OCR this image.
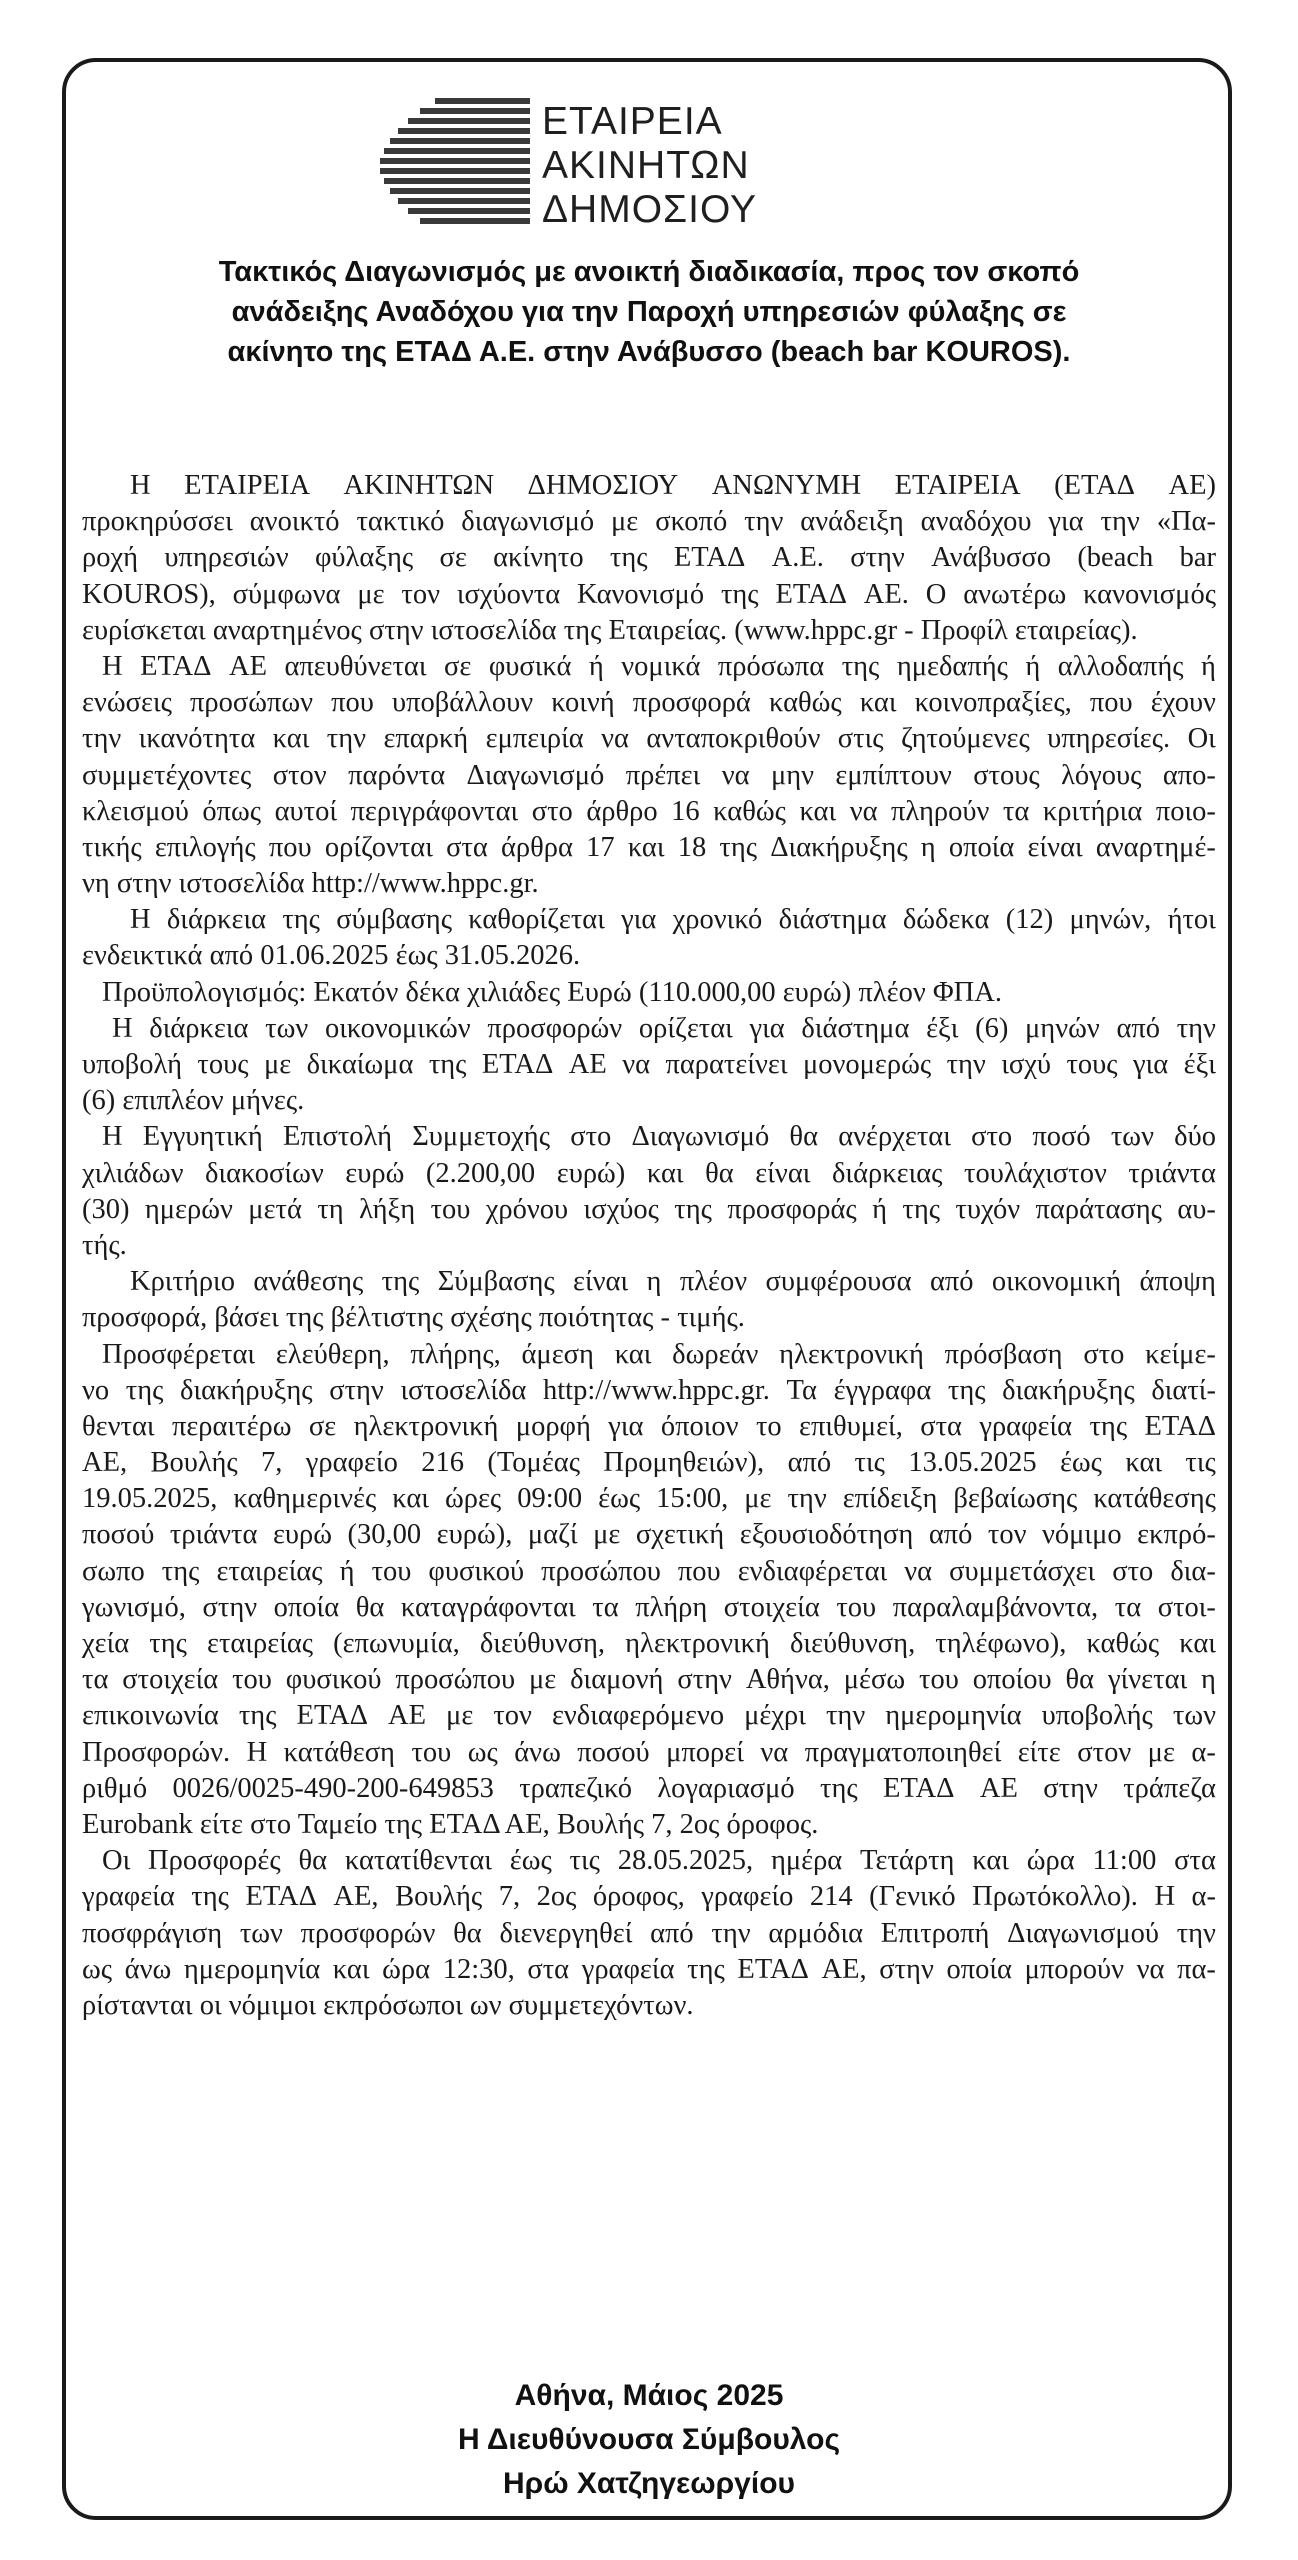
ΕΤΑΙΡΕΙΑ
ΑΚΙΝΗΤΩΝ
ΔΗΜΟΣΙΟΥ
Τακτικός Διαγωνισμός με ανοικτή διαδικασία, προς τον σκοπό
ανάδειξης Αναδόχου για την Παροχή υπηρεσιών φύλαξης σε
ακίνητο της ΕΤΑΔ Α.Ε. στην Ανάβυσσο (beach bar KOUROS).
Η ΕΤΑΙΡΕΙΑ ΑΚΙΝΗΤΩΝ ΔΗΜΟΣΙΟΥ ΑΝΩΝΥΜΗ ΕΤΑΙΡΕΙΑ (ΕΤΑΔ ΑΕ)
προκηρύσσει ανοικτό τακτικό διαγωνισμό με σκοπό την ανάδειξη αναδόχου για την «Πα-
ροχή υπηρεσιών φύλαξης σε ακίνητο της ΕΤΑΔ Α.Ε. στην Ανάβυσσο (beach bar
KOUROS), σύμφωνα με τον ισχύοντα Κανονισμό της ΕΤΑΔ ΑΕ. Ο ανωτέρω κανονισμός
ευρίσκεται αναρτημένος στην ιστοσελίδα της Εταιρείας. (www.hppc.gr - Προφίλ εταιρείας).
Η ΕΤΑΔ ΑΕ απευθύνεται σε φυσικά ή νομικά πρόσωπα της ημεδαπής ή αλλοδαπής ή
ενώσεις προσώπων που υποβάλλουν κοινή προσφορά καθώς και κοινοπραξίες, που έχουν
την ικανότητα και την επαρκή εμπειρία να ανταποκριθούν στις ζητούμενες υπηρεσίες. Οι
συμμετέχοντες στον παρόντα Διαγωνισμό πρέπει να μην εμπίπτουν στους λόγους απο-
κλεισμού όπως αυτοί περιγράφονται στο άρθρο 16 καθώς και να πληρούν τα κριτήρια ποιο-
τικής επιλογής που ορίζονται στα άρθρα 17 και 18 της Διακήρυξης η οποία είναι αναρτημέ-
νη στην ιστοσελίδα http://www.hppc.gr.
Η διάρκεια της σύμβασης καθορίζεται για χρονικό διάστημα δώδεκα (12) μηνών, ήτοι
ενδεικτικά από 01.06.2025 έως 31.05.2026.
Προϋπολογισμός: Εκατόν δέκα χιλιάδες Ευρώ (110.000,00 ευρώ) πλέον ΦΠΑ.
Η διάρκεια των οικονομικών προσφορών ορίζεται για διάστημα έξι (6) μηνών από την
υποβολή τους με δικαίωμα της ΕΤΑΔ ΑΕ να παρατείνει μονομερώς την ισχύ τους για έξι
(6) επιπλέον μήνες.
Η Εγγυητική Επιστολή Συμμετοχής στο Διαγωνισμό θα ανέρχεται στο ποσό των δύο
χιλιάδων διακοσίων ευρώ (2.200,00 ευρώ) και θα είναι διάρκειας τουλάχιστον τριάντα
(30) ημερών μετά τη λήξη του χρόνου ισχύος της προσφοράς ή της τυχόν παράτασης αυ-
τής.
Κριτήριο ανάθεσης της Σύμβασης είναι η πλέον συμφέρουσα από οικονομική άποψη
προσφορά, βάσει της βέλτιστης σχέσης ποιότητας - τιμής.
Προσφέρεται ελεύθερη, πλήρης, άμεση και δωρεάν ηλεκτρονική πρόσβαση στο κείμε-
νο της διακήρυξης στην ιστοσελίδα http://www.hppc.gr. Τα έγγραφα της διακήρυξης διατί-
θενται περαιτέρω σε ηλεκτρονική μορφή για όποιον το επιθυμεί, στα γραφεία της ΕΤΑΔ
ΑΕ, Βουλής 7, γραφείο 216 (Τομέας Προμηθειών), από τις 13.05.2025 έως και τις
19.05.2025, καθημερινές και ώρες 09:00 έως 15:00, με την επίδειξη βεβαίωσης κατάθεσης
ποσού τριάντα ευρώ (30,00 ευρώ), μαζί με σχετική εξουσιοδότηση από τον νόμιμο εκπρό-
σωπο της εταιρείας ή του φυσικού προσώπου που ενδιαφέρεται να συμμετάσχει στο δια-
γωνισμό, στην οποία θα καταγράφονται τα πλήρη στοιχεία του παραλαμβάνοντα, τα στοι-
χεία της εταιρείας (επωνυμία, διεύθυνση, ηλεκτρονική διεύθυνση, τηλέφωνο), καθώς και
τα στοιχεία του φυσικού προσώπου με διαμονή στην Αθήνα, μέσω του οποίου θα γίνεται η
επικοινωνία της ΕΤΑΔ ΑΕ με τον ενδιαφερόμενο μέχρι την ημερομηνία υποβολής των
Προσφορών. Η κατάθεση του ως άνω ποσού μπορεί να πραγματοποιηθεί είτε στον με α-
ριθμό 0026/0025-490-200-649853 τραπεζικό λογαριασμό της ΕΤΑΔ ΑΕ στην τράπεζα
Eurobank είτε στο Ταμείο της ΕΤΑΔ ΑΕ, Βουλής 7, 2ος όροφος.
Οι Προσφορές θα κατατίθενται έως τις 28.05.2025, ημέρα Τετάρτη και ώρα 11:00 στα
γραφεία της ΕΤΑΔ ΑΕ, Βουλής 7, 2ος όροφος, γραφείο 214 (Γενικό Πρωτόκολλο). Η α-
ποσφράγιση των προσφορών θα διενεργηθεί από την αρμόδια Επιτροπή Διαγωνισμού την
ως άνω ημερομηνία και ώρα 12:30, στα γραφεία της ΕΤΑΔ ΑΕ, στην οποία μπορούν να πα-
ρίστανται οι νόμιμοι εκπρόσωποι ων συμμετεχόντων.
Αθήνα, Μάιος 2025
Η Διευθύνουσα Σύμβουλος
Ηρώ Χατζηγεωργίου
